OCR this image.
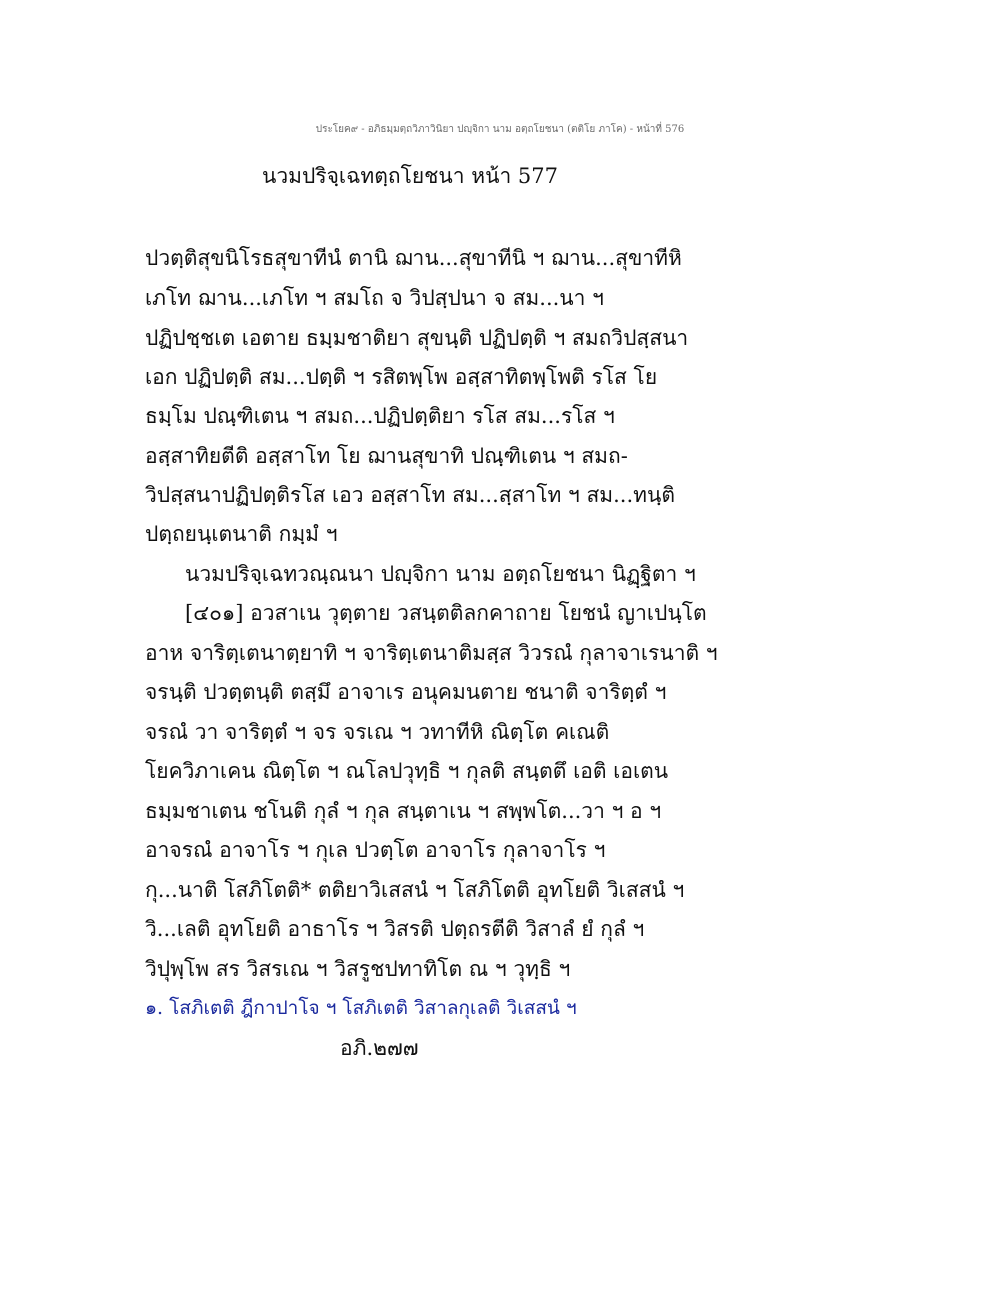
ประโยค๙ - อภิธมฺมตฺถวิภาวินิยา ปญฺจิกา นาม อตฺถโยชนา (ตติโย ภาโค) - หน้าที่ 576
นวมปริจฺเฉทตฺถโยชนา หน้า 577
ปวตฺติสุขนิโรธสุขาทีนํ ตานิ ฌาน...สุขาทีนิ ฯ ฌาน...สุขาทีหิ
เภโท ฌาน...เภโท ฯ สมโถ จ วิปสฺปนา จ สม...นา ฯ
ปฏิปชฺชเต เอตาย ธมฺมชาติยา สุขนฺติ ปฏิปตฺติ ฯ สมถวิปสฺสนา
เอก ปฏิปตฺติ สม...ปตฺติ ฯ รสิตพฺโพ อสฺสาทิตพฺโพติ รโส โย
ธมฺโม ปณฺฑิเตน ฯ สมถ...ปฏิปตฺติยา รโส สม...รโส ฯ
อสฺสาทิยตีติ อสฺสาโท โย ฌานสุขาทิ ปณฺฑิเตน ฯ สมถ-
วิปสฺสนาปฏิปตฺติรโส เอว อสฺสาโท สม...สฺสาโท ฯ สม...ทนฺติ
ปตฺถยนฺเตนาติ กมฺมํ ฯ
นวมปริจฺเฉทวณฺณนา ปญฺจิกา นาม อตฺถโยชนา นิฏฺฐิตา ฯ
[๔๐๑] อวสาเน วุตฺตาย วสนฺตติลกคาถาย โยชนํ ญาเปนฺโต
อาห จาริตฺเตนาตฺยาทิ ฯ จาริตฺเตนาติมสฺส วิวรณํ กุลาจาเรนาติ ฯ
จรนฺติ ปวตฺตนฺติ ตสฺมึ อาจาเร อนุคมนตาย ชนาติ จาริตฺตํ ฯ
จรณํ วา จาริตฺตํ ฯ จร จรเณ ฯ วทาทีหิ ณิตฺโต คเณติ
โยควิภาเคน ณิตฺโต ฯ ณโลปวุทฺธิ ฯ กุลติ สนฺตตึ เอติ เอเตน
ธมฺมชาเตน ชโนติ กุลํ ฯ กุล สนฺตาเน ฯ สพฺพโต...วา ฯ อ ฯ
อาจรณํ อาจาโร ฯ กุเล ปวตฺโต อาจาโร กุลาจาโร ฯ
กุ...นาติ โสภิโตติ* ตติยาวิเสสนํ ฯ โสภิโตติ อุทโยติ วิเสสนํ ฯ
วิ...เลติ อุทโยติ อาธาโร ฯ วิสรติ ปตฺถรตีติ วิสาลํ ยํ กุลํ ฯ
วิปุพฺโพ สร วิสรเณ ฯ วิสรูชปทาทิโต ณ ฯ วุทฺธิ ฯ
๑. โสภิเตติ ฎีกาปาโจ ฯ โสภิเตติ วิสาลกุเลติ วิเสสนํ ฯ
อภิ.๒๗๗
